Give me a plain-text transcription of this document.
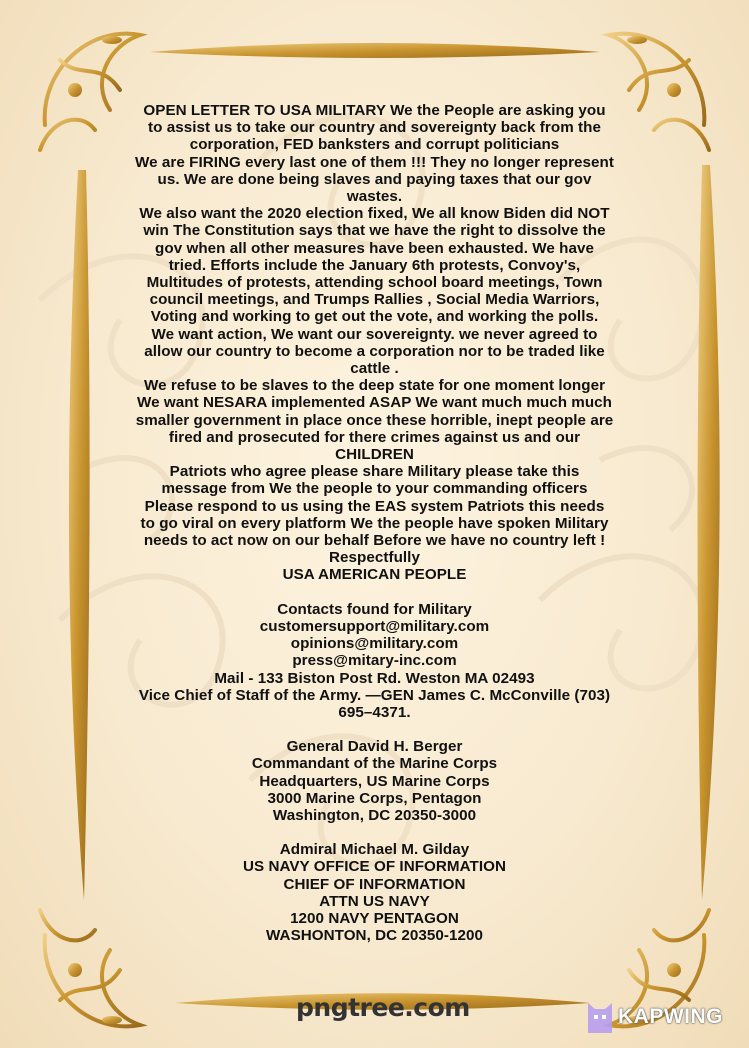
OPEN LETTER TO USA MILITARY We the People are asking you

to assist us to take our country and sovereignty back from the

corporation, FED banksters and corrupt politicians

We are FIRING every last one of them !!! They no longer represent

us. We are done being slaves and paying taxes that our gov

wastes.

We also want the 2020 election fixed, We all know Biden did NOT

win The Constitution says that we have the right to dissolve the

gov when all other measures have been exhausted. We have

tried. Efforts include the January 6th protests, Convoy's,

Multitudes of protests, attending school board meetings, Town

council meetings, and Trumps Rallies , Social Media Warriors,

Voting and working to get out the vote, and working the polls.

We want action, We want our sovereignty. we never agreed to

allow our country to become a corporation nor to be traded like

cattle .

We refuse to be slaves to the deep state for one moment longer

We want NESARA implemented ASAP We want much much much

smaller government in place once these horrible, inept people are

fired and prosecuted for there crimes against us and our

CHILDREN

Patriots who agree please share Military please take this

message from We the people to your commanding officers

Please respond to us using the EAS system Patriots this needs

to go viral on every platform We the people have spoken Military

needs to act now on our behalf Before we have no country left !

Respectfully

USA AMERICAN PEOPLE

Contacts found for Military

customersupport@military.com

opinions@military.com

press@mitary-inc.com

Mail - 133 Biston Post Rd. Weston MA 02493

Vice Chief of Staff of the Army. —GEN James C. McConville (703)

695–4371.

General David H. Berger

Commandant of the Marine Corps

Headquarters, US Marine Corps

3000 Marine Corps, Pentagon

Washington, DC 20350-3000

Admiral Michael M. Gilday

US NAVY OFFICE OF INFORMATION

CHIEF OF INFORMATION

ATTN US NAVY

1200 NAVY PENTAGON

WASHONTON, DC 20350-1200

pngtree.com	KAPWING
